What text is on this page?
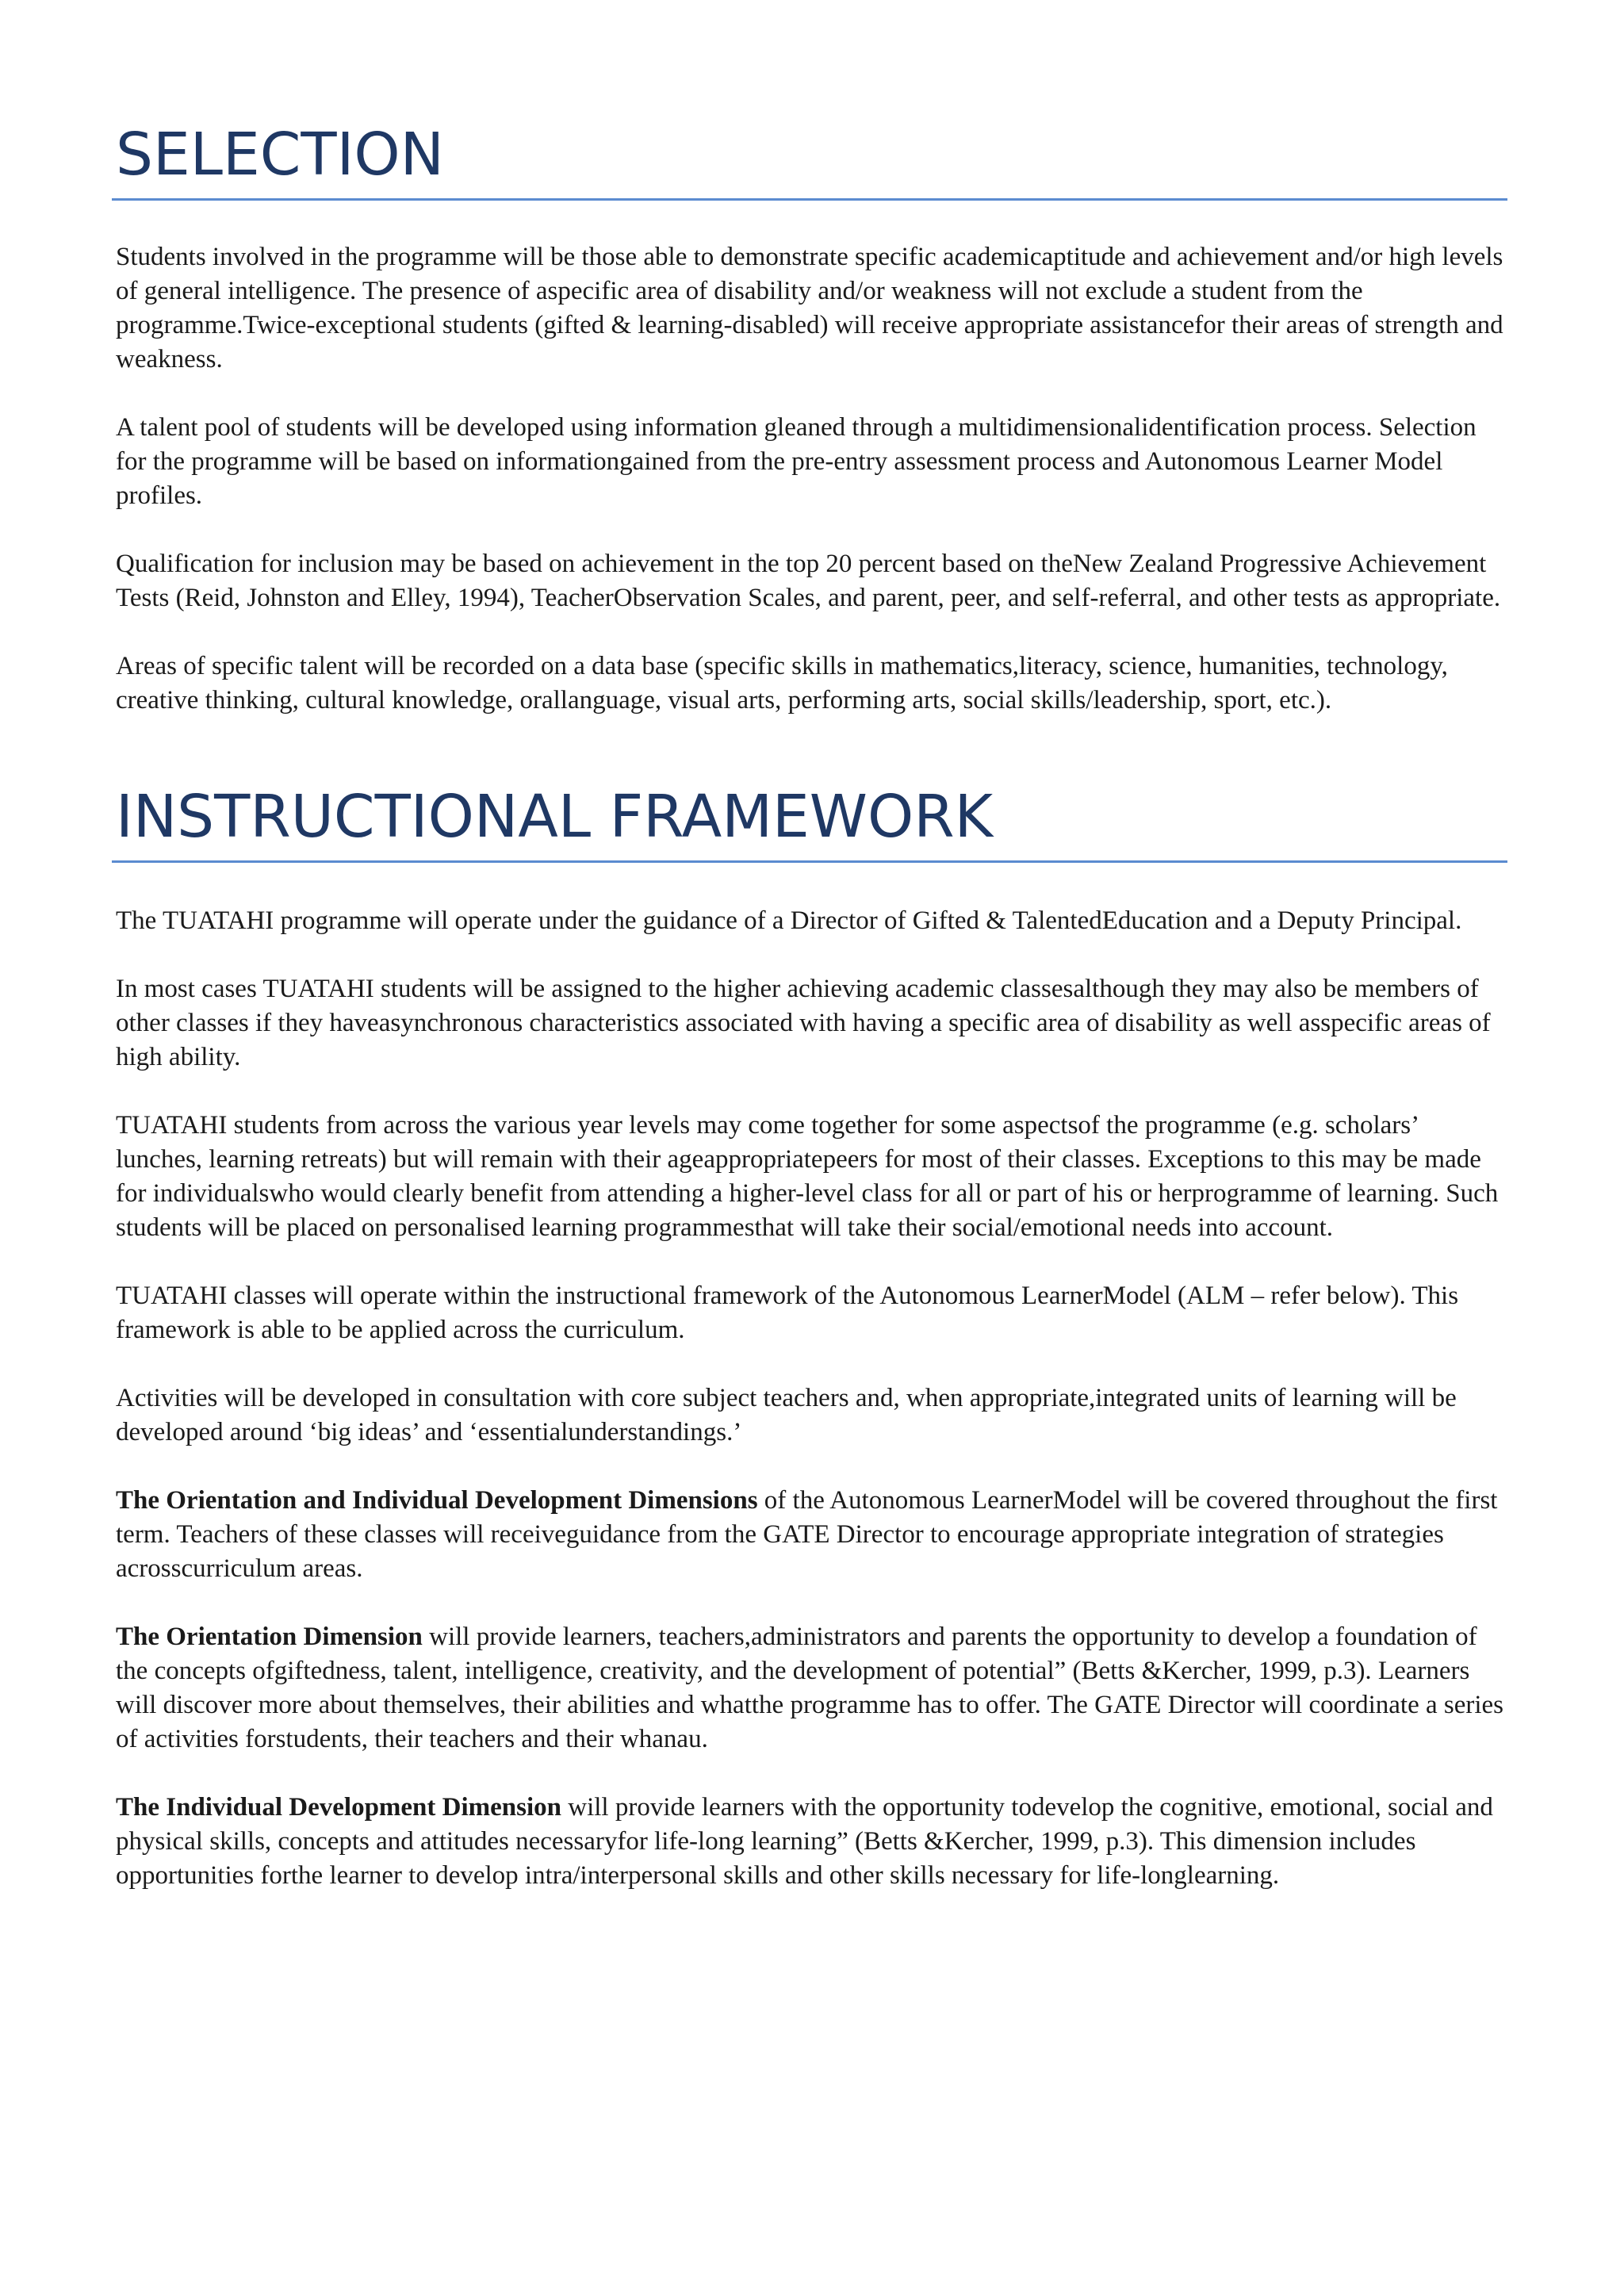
SELECTION

Students involved in the programme will be those able to demonstrate specific academicaptitude and achievement and/or high levels of general intelligence. The presence of aspecific area of disability and/or weakness will not exclude a student from the programme.Twice-exceptional students (gifted & learning-disabled) will receive appropriate assistancefor their areas of strength and weakness.

A talent pool of students will be developed using information gleaned through a multidimensionalidentification process. Selection for the programme will be based on informationgained from the pre-entry assessment process and Autonomous Learner Model profiles.

Qualification for inclusion may be based on achievement in the top 20 percent based on theNew Zealand Progressive Achievement Tests (Reid, Johnston and Elley, 1994), TeacherObservation Scales, and parent, peer, and self-referral, and other tests as appropriate.

Areas of specific talent will be recorded on a data base (specific skills in mathematics,literacy, science, humanities, technology, creative thinking, cultural knowledge, orallanguage, visual arts, performing arts, social skills/leadership, sport, etc.).

INSTRUCTIONAL FRAMEWORK

The TUATAHI programme will operate under the guidance of a Director of Gifted & TalentedEducation and a Deputy Principal.

In most cases TUATAHI students will be assigned to the higher achieving academic classesalthough they may also be members of other classes if they haveasynchronous characteristics associated with having a specific area of disability as well asspecific areas of high ability.

TUATAHI students from across the various year levels may come together for some aspectsof the programme (e.g. scholars’ lunches, learning retreats) but will remain with their ageappropriatepeers for most of their classes. Exceptions to this may be made for individualswho would clearly benefit from attending a higher-level class for all or part of his or herprogramme of learning. Such students will be placed on personalised learning programmesthat will take their social/emotional needs into account.

TUATAHI classes will operate within the instructional framework of the Autonomous LearnerModel (ALM – refer below). This framework is able to be applied across the curriculum.

Activities will be developed in consultation with core subject teachers and, when appropriate,integrated units of learning will be developed around ‘big ideas’ and ‘essentialunderstandings.’

The Orientation and Individual Development Dimensions of the Autonomous LearnerModel will be covered throughout the first term. Teachers of these classes will receiveguidance from the GATE Director to encourage appropriate integration of strategies acrosscurriculum areas.

The Orientation Dimension will provide learners, teachers,administrators and parents the opportunity to develop a foundation of the concepts ofgiftedness, talent, intelligence, creativity, and the development of potential” (Betts &Kercher, 1999, p.3). Learners will discover more about themselves, their abilities and whatthe programme has to offer. The GATE Director will coordinate a series of activities forstudents, their teachers and their whanau.

The Individual Development Dimension will provide learners with the opportunity todevelop the cognitive, emotional, social and physical skills, concepts and attitudes necessaryfor life-long learning” (Betts &Kercher, 1999, p.3). This dimension includes opportunities forthe learner to develop intra/interpersonal skills and other skills necessary for life-longlearning.
